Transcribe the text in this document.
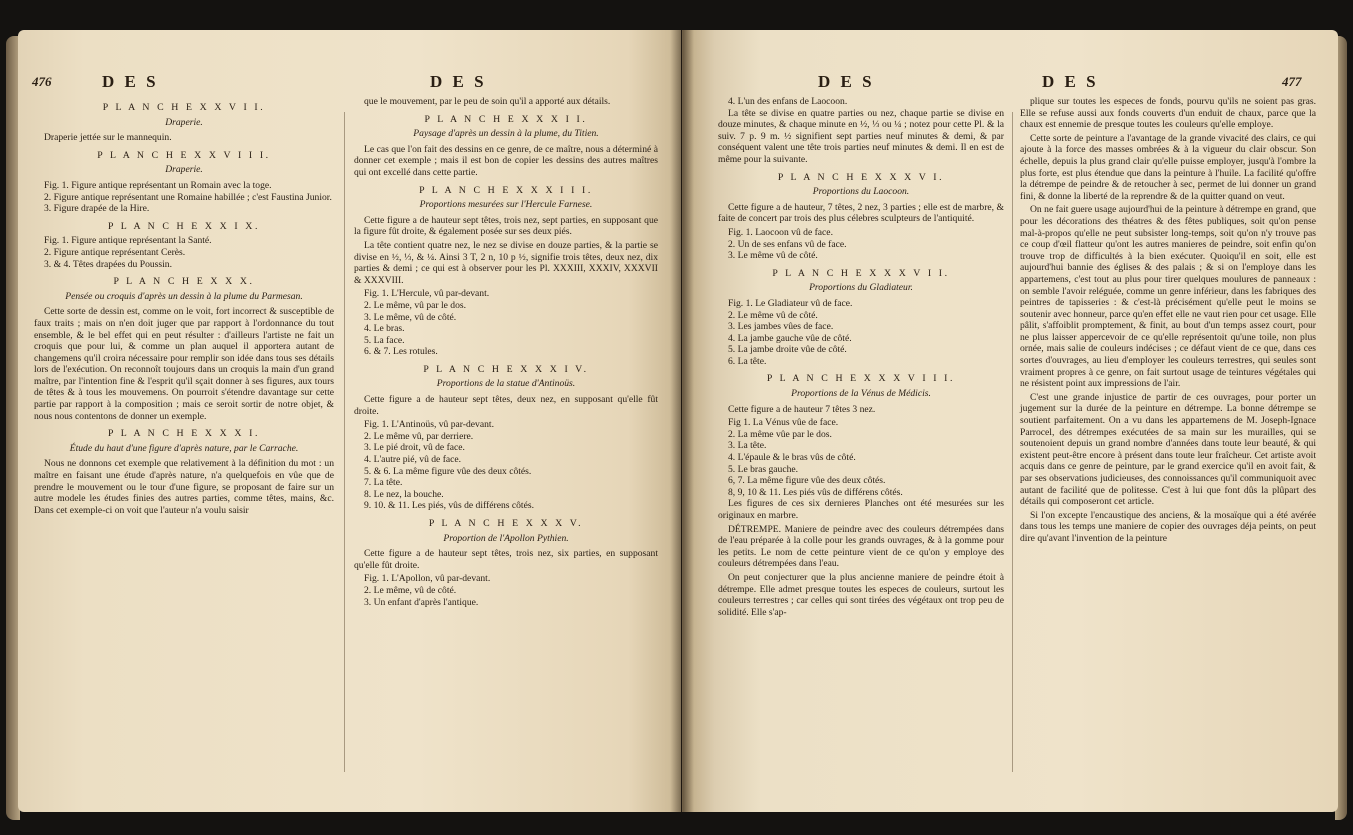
476	D E S	D E S

P L A N C H E X X V I I.

Draperie.

Draperie jettée sur le mannequin.

P L A N C H E X X V I I I.

Draperie.

Fig. 1. Figure antique représentant un Romain avec la toge.

2. Figure antique représentant une Romaine habillée ; c'est Faustina Junior.

3. Figure drapée de la Hire.

P L A N C H E X X I X.

Fig. 1. Figure antique représentant la Santé.

2. Figure antique représentant Cerès.

3. & 4. Têtes drapées du Poussin.

P L A N C H E X X X.

Pensée ou croquis d'après un dessin à la plume du Parmesan.

Cette sorte de dessin est, comme on le voit, fort incorrect & susceptible de faux traits ; mais on n'en doit juger que par rapport à l'ordonnance du tout ensemble, & le bel effet qui en peut résulter : d'ailleurs l'artiste ne fait un croquis que pour lui, & comme un plan auquel il apportera autant de changemens qu'il croira nécessaire pour remplir son idée dans tous ses détails lors de l'exécution. On reconnoît toujours dans un croquis la main d'un grand maître, par l'intention fine & l'esprit qu'il sçait donner à ses figures, aux tours de têtes & à tous les mouvemens. On pourroit s'étendre davantage sur cette partie par rapport à la composition ; mais ce seroit sortir de notre objet, & nous nous contentons de donner un exemple.

P L A N C H E X X X I.

Étude du haut d'une figure d'après nature, par le Carrache.

Nous ne donnons cet exemple que relativement à la définition du mot : un maître en faisant une étude d'après nature, n'a quelquefois en vûe que de prendre le mouvement ou le tour d'une figure, se proposant de faire sur un autre modele les études finies des autres parties, comme têtes, mains, &c. Dans cet exemple-ci on voit que l'auteur n'a voulu saisir

que le mouvement, par le peu de soin qu'il a apporté aux détails.

P L A N C H E X X X I I.

Paysage d'après un dessin à la plume, du Titien.

Le cas que l'on fait des dessins en ce genre, de ce maître, nous a déterminé à donner cet exemple ; mais il est bon de copier les dessins des autres maîtres qui ont excellé dans cette partie.

P L A N C H E X X X I I I.

Proportions mesurées sur l'Hercule Farnese.

Cette figure a de hauteur sept têtes, trois nez, sept parties, en supposant que la figure fût droite, & également posée sur ses deux piés.

La tête contient quatre nez, le nez se divise en douze parties, & la partie se divise en ½, ⅓, & ¼. Ainsi 3 T, 2 n, 10 p ½, signifie trois têtes, deux nez, dix parties & demi ; ce qui est à observer pour les Pl. XXXIII, XXXIV, XXXVII & XXXVIII.

Fig. 1. L'Hercule, vû par-devant.

2. Le même, vû par le dos.

3. Le même, vû de côté.

4. Le bras.

5. La face.

6. & 7. Les rotules.

P L A N C H E X X X I V.

Proportions de la statue d'Antinoüs.

Cette figure a de hauteur sept têtes, deux nez, en supposant qu'elle fût droite.

Fig. 1. L'Antinoüs, vû par-devant.

2. Le même vû, par derriere.

3. Le pié droit, vû de face.

4. L'autre pié, vû de face.

5. & 6. La même figure vûe des deux côtés.

7. La tête.

8. Le nez, la bouche.

9. 10. & 11. Les piés, vûs de différens côtés.

P L A N C H E X X X V.

Proportion de l'Apollon Pythien.

Cette figure a de hauteur sept têtes, trois nez, six parties, en supposant qu'elle fût droite.

Fig. 1. L'Apollon, vû par-devant.

2. Le même, vû de côté.

3. Un enfant d'après l'antique.

D E S	D E S	477

4. L'un des enfans de Laocoon.

La tête se divise en quatre parties ou nez, chaque partie se divise en douze minutes, & chaque minute en ½, ⅓ ou ¼ ; notez pour cette Pl. & la suiv. 7 p. 9 m. ½ signifient sept parties neuf minutes & demi, & par conséquent valent une tête trois parties neuf minutes & demi. Il en est de même pour la suivante.

P L A N C H E X X X V I.

Proportions du Laocoon.

Cette figure a de hauteur, 7 têtes, 2 nez, 3 parties ; elle est de marbre, & faite de concert par trois des plus célebres sculpteurs de l'antiquité.

Fig. 1. Laocoon vû de face.

2. Un de ses enfans vû de face.

3. Le même vû de côté.

P L A N C H E X X X V I I.

Proportions du Gladiateur.

Fig. 1. Le Gladiateur vû de face.

2. Le même vû de côté.

3. Les jambes vûes de face.

4. La jambe gauche vûe de côté.

5. La jambe droite vûe de côté.

6. La tête.

P L A N C H E X X X V I I I.

Proportions de la Vénus de Médicis.

Cette figure a de hauteur 7 têtes 3 nez.

Fig 1. La Vénus vûe de face.

2. La même vûe par le dos.

3. La tête.

4. L'épaule & le bras vûs de côté.

5. Le bras gauche.

6, 7. La même figure vûe des deux côtés.

8, 9, 10 & 11. Les piés vûs de différens côtés.

Les figures de ces six dernieres Planches ont été mesurées sur les originaux en marbre.

DÉTREMPE. Maniere de peindre avec des couleurs détrempées dans de l'eau préparée à la colle pour les grands ouvrages, & à la gomme pour les petits. Le nom de cette peinture vient de ce qu'on y employe des couleurs détrempées dans l'eau.

On peut conjecturer que la plus ancienne maniere de peindre étoit à détrempe. Elle admet presque toutes les especes de couleurs, surtout les couleurs terrestres ; car celles qui sont tirées des végétaux ont trop peu de solidité. Elle s'ap-

plique sur toutes les especes de fonds, pourvu qu'ils ne soient pas gras. Elle se refuse aussi aux fonds couverts d'un enduit de chaux, parce que la chaux est ennemie de presque toutes les couleurs qu'elle employe.

Cette sorte de peinture a l'avantage de la grande vivacité des clairs, ce qui ajoute à la force des masses ombrées & à la vigueur du clair obscur. Son échelle, depuis la plus grand clair qu'elle puisse employer, jusqu'à l'ombre la plus forte, est plus étendue que dans la peinture à l'huile. La facilité qu'offre la détrempe de peindre & de retoucher à sec, permet de lui donner un grand fini, & donne la liberté de la reprendre & de la quitter quand on veut.

On ne fait guere usage aujourd'hui de la peinture à détrempe en grand, que pour les décorations des théatres & des fêtes publiques, soit qu'on pense mal-à-propos qu'elle ne peut subsister long-temps, soit qu'on n'y trouve pas ce coup d'œil flatteur qu'ont les autres manieres de peindre, soit enfin qu'on trouve trop de difficultés à la bien exécuter. Quoiqu'il en soit, elle est aujourd'hui bannie des églises & des palais ; & si on l'employe dans les appartemens, c'est tout au plus pour tirer quelques moulures de panneaux : on semble l'avoir reléguée, comme un genre inférieur, dans les fabriques des peintres de tapisseries : & c'est-là précisément qu'elle peut le moins se soutenir avec honneur, parce qu'en effet elle ne vaut rien pour cet usage. Elle pâlit, s'affoiblit promptement, & finit, au bout d'un temps assez court, pour ne plus laisser appercevoir de ce qu'elle représentoit qu'une toile, non plus ornée, mais salie de couleurs indécises ; ce défaut vient de ce que, dans ces sortes d'ouvrages, au lieu d'employer les couleurs terrestres, qui seules sont vraiment propres à ce genre, on fait surtout usage de teintures végétales qui ne résistent point aux impressions de l'air.

C'est une grande injustice de partir de ces ouvrages, pour porter un jugement sur la durée de la peinture en détrempe. La bonne détrempe se soutient parfaitement. On a vu dans les appartemens de M. Joseph-Ignace Parrocel, des détrempes exécutées de sa main sur les murailles, qui se soutenoient depuis un grand nombre d'années dans toute leur beauté, & qui existent peut-être encore à présent dans toute leur fraîcheur. Cet artiste avoit acquis dans ce genre de peinture, par le grand exercice qu'il en avoit fait, & par ses observations judicieuses, des connoissances qu'il communiquoit avec autant de facilité que de politesse. C'est à lui que font dûs la plûpart des détails qui composeront cet article.

Si l'on excepte l'encaustique des anciens, & la mosaïque qui a été avérée dans tous les temps une maniere de copier des ouvrages déja peints, on peut dire qu'avant l'invention de la peinture
